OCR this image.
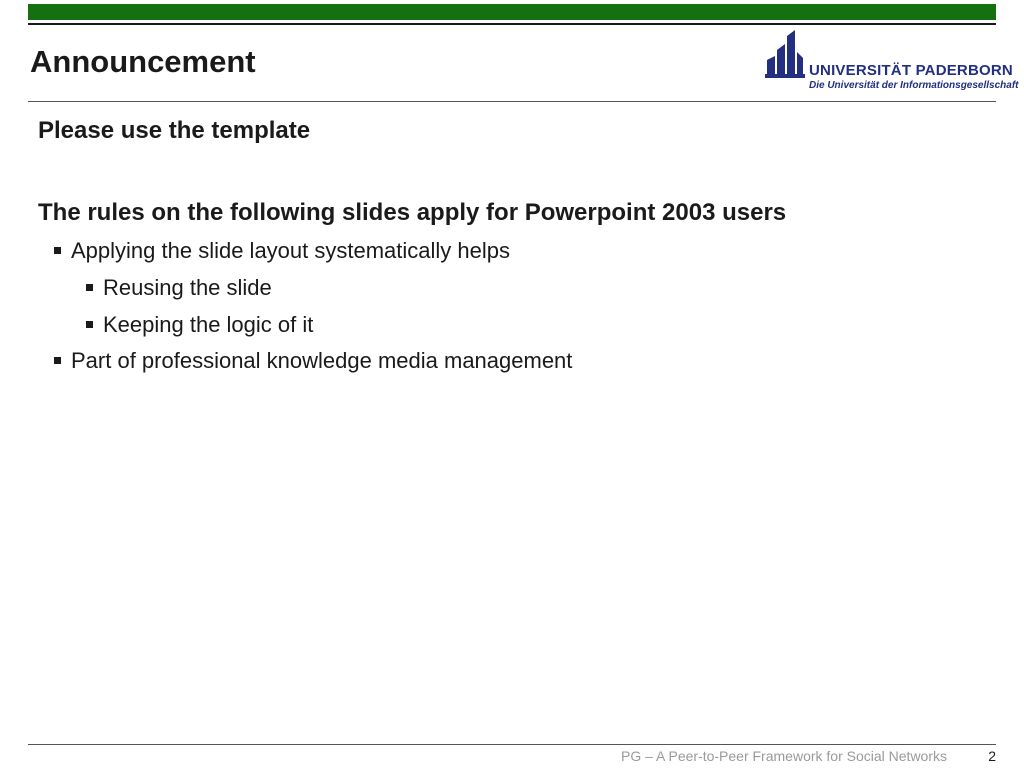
Announcement	UNIVERSITÄT PADERBORN
Die Universität der Informationsgesellschaft
Please use the template
The rules on the following slides apply for Powerpoint 2003 users
Applying the slide layout systematically helps
Reusing the slide
Keeping the logic of it
Part of professional knowledge media management
PG – A Peer-to-Peer Framework for Social Networks	2
